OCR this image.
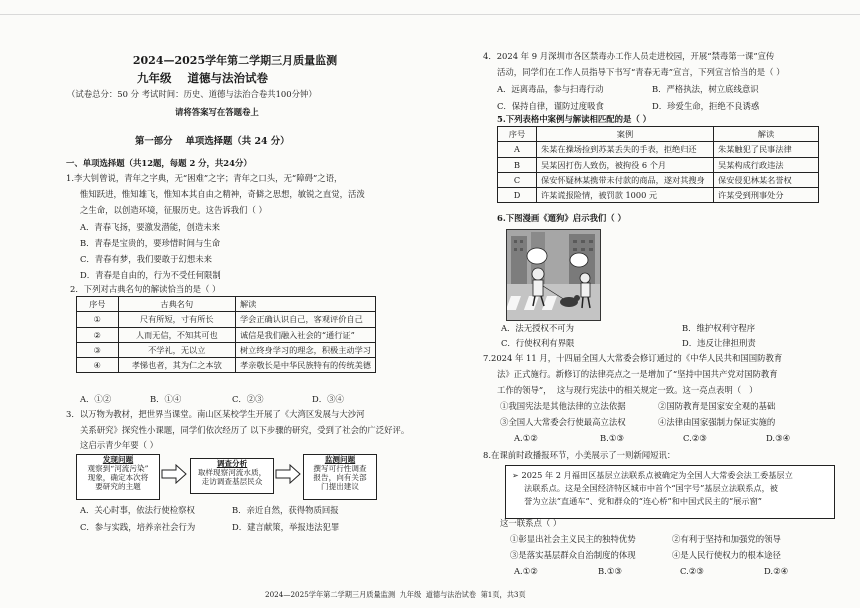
2024—2025学年第二学期三月质量监测
九年级    道德与法治试卷
（试卷总分：50 分 考试时间：历史、道德与法治合卷共100分钟）
请将答案写在答题卷上
第一部分    单项选择题（共 24 分）
一、单项选择题（共12题，每题 2 分，共24分）
1.李大钊曾说，青年之字典，无“困难”之字；青年之口头，无“障碍”之语，
惟知跃进，惟知雄飞，惟知本其自由之精神，奇僻之思想，敏锐之直觉，活泼
之生命，以创造环境，征服历史。这告诉我们（ ）
A．青春飞扬，要激发潜能，创造未来
B．青春是宝贵的，要珍惜时间与生命
C．青春有梦，我们要敢于幻想未来
D．青春是自由的，行为不受任何限制
2．下列对古典名句的解读恰当的是（ ）
序号	古典名句	解读
①	尺有所短，寸有所长	学会正确认识自己，客观评价自己
②	人而无信，不知其可也	诚信是我们融入社会的“通行证”
③	不学礼，无以立	树立终身学习的理念，积极主动学习
④	孝悌也者，其为仁之本欤	孝亲敬长是中华民族特有的传统美德
A．①②	B．①④	C．②③	D．③④
3．以万物为教材，把世界当课堂。南山区某校学生开展了《大湾区发展与大沙河
关系研究》探究性小课题，同学们依次经历了 以下步骤的研究，受到了社会的广泛好评。
这启示青少年要（ ）
发现问题
观察到“河流污染”
现象，确定本次将
要研究的主题
调查分析
取样现察河流水质，
走访调查基层民众
监测问题
撰写可行性调查
报告，向有关部
门提出建议
A．关心时事，依法行使检察权	B．亲近自然，获得物质回报
C．参与实践，培养亲社会行为	D．建言献策，举报违法犯罪
4．2024 年 9 月深圳市各区禁毒办工作人员走进校园，开展“禁毒第一课”宣传
活动，同学们在工作人员指导下书写“青春无毒”宣言，下列宣言恰当的是（ ）
A．远离毒品，参与扫毒行动	B．严格执法，树立底线意识
C．保持自律，谨防过度吸食	D．珍爱生命，拒绝不良诱惑
5.下列表格中案例与解读相匹配的是（ ）
序号	案例	解读
A	朱某在操场捡到苏某丢失的手表，拒绝归还	朱某触犯了民事法律
B	吴某因打伤人致伤，被拘役 6 个月	吴某构成行政违法
C	保安怀疑林某携带未付款的商品，遂对其搜身	保安侵犯林某名誉权
D	许某谎报险情，被罚款 1000 元	许某受到刑事处分
6.下图漫画《遛狗》启示我们（ ）
A．法无授权不可为	B．维护权利守程序
C．行使权利有界限	D．违反让律担刑责
7.2024 年 11 月，十四届全国人大常委会修订通过的《中华人民共和国国防教育
法》正式施行。新修订的法律亮点之一是增加了“坚持中国共产党对国防教育
工作的领导”，  这与现行宪法中的相关规定一致。这一亮点表明（   ）
①我国宪法是其他法律的立法依据	②国防教育是国家安全观的基础
③全国人大常委会行使最高立法权	④法律由国家强制力保证实施的
A.①②	B.①③	C.②③	D.③④
8.在课前时政播报环节，小美展示了一则新闻短讯：
➢ 2025 年 2 月福田区基层立法联系点被确定为全国人大常委会法工委基层立
法联系点。这是全国经济特区城市中首个“国字号”基层立法联系点，被
誉为立法“直通车”、党和群众的“连心桥”和中国式民主的“展示窗”
这一联系点（ ）
①彰显出社会主义民主的独特优势	②有利于坚持和加强党的领导
③是落实基层群众自治制度的体现	④是人民行使权力的根本途径
A.①②	B.①③	C.②③	D.②④
2024—2025学年第二学期三月质量监测  九年级  道德与法治试卷  第1页，共3页
